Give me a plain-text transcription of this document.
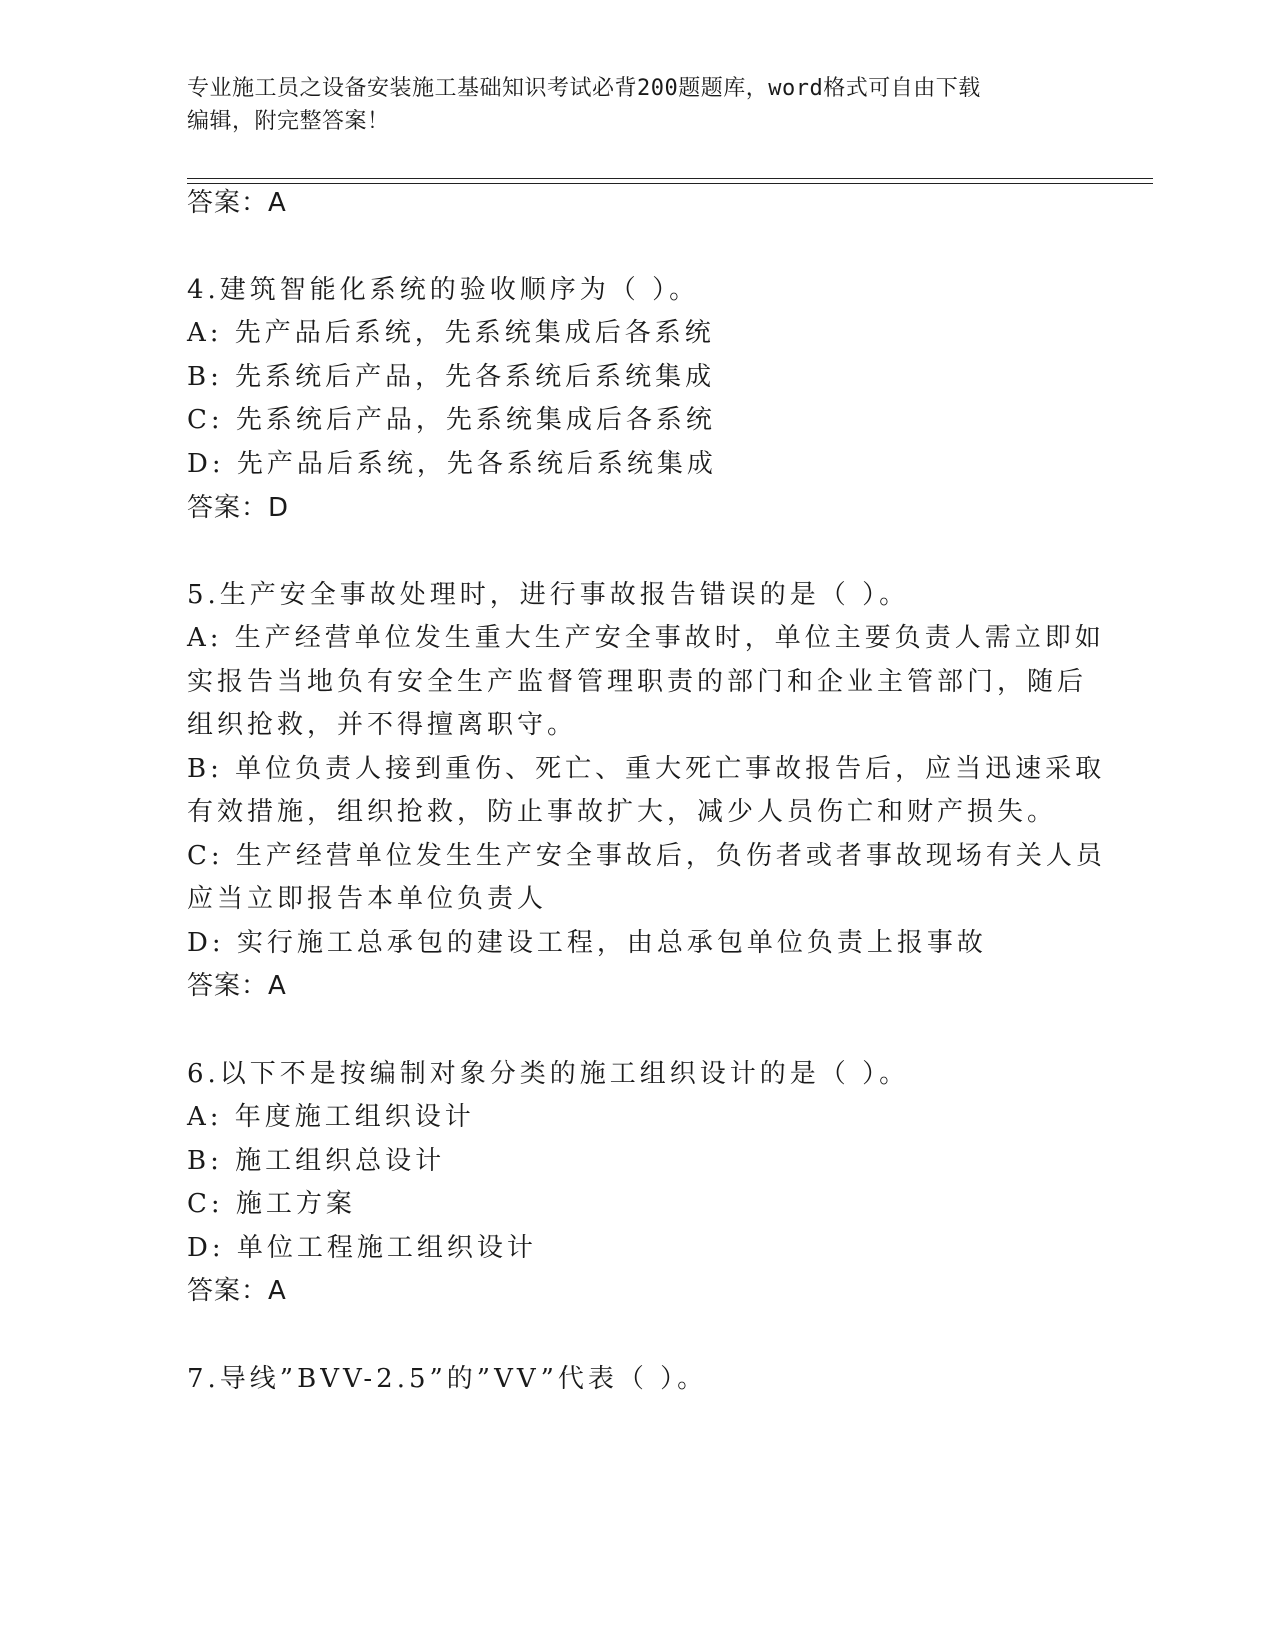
专业施工员之设备安装施工基础知识考试必背200题题库，word格式可自由下载
编辑，附完整答案！
答案：A
4.建筑智能化系统的验收顺序为（ ）。
A: 先产品后系统，先系统集成后各系统
B: 先系统后产品，先各系统后系统集成
C: 先系统后产品，先系统集成后各系统
D: 先产品后系统，先各系统后系统集成
答案：D
5.生产安全事故处理时，进行事故报告错误的是（ ）。
A: 生产经营单位发生重大生产安全事故时，单位主要负责人需立即如
实报告当地负有安全生产监督管理职责的部门和企业主管部门，随后
组织抢救，并不得擅离职守。
B: 单位负责人接到重伤、死亡、重大死亡事故报告后，应当迅速采取
有效措施，组织抢救，防止事故扩大，减少人员伤亡和财产损失。
C: 生产经营单位发生生产安全事故后，负伤者或者事故现场有关人员
应当立即报告本单位负责人
D: 实行施工总承包的建设工程，由总承包单位负责上报事故
答案：A
6.以下不是按编制对象分类的施工组织设计的是（ ）。
A: 年度施工组织设计
B: 施工组织总设计
C: 施工方案
D: 单位工程施工组织设计
答案：A
7.导线”BVV-2.5”的”VV”代表（ ）。
